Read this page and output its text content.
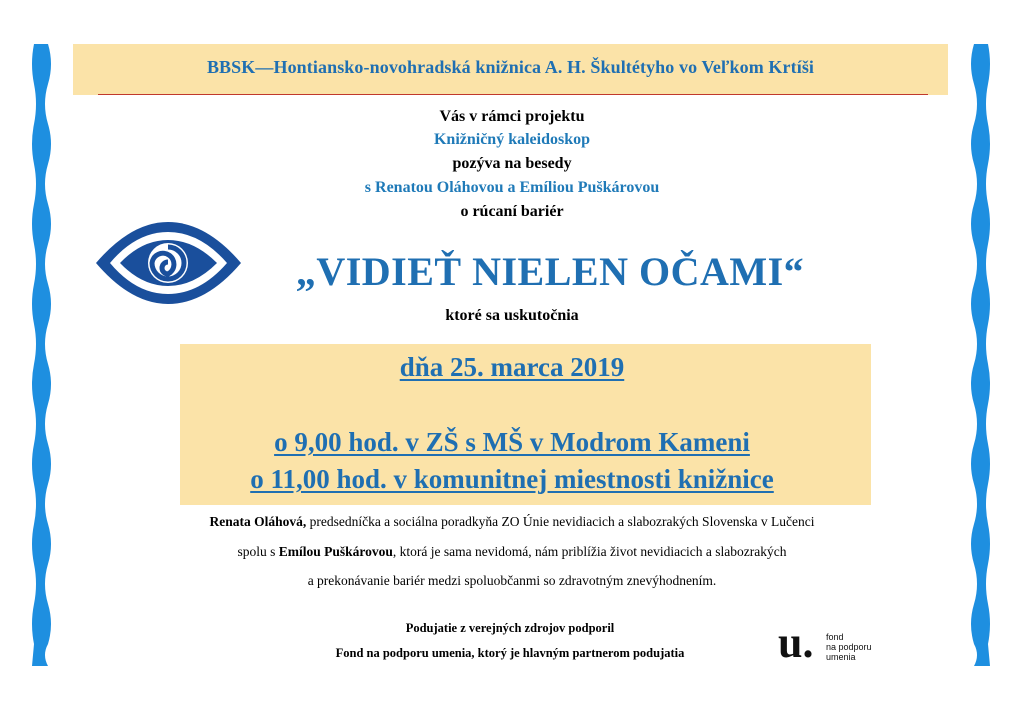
BBSK—Hontiansko-novohradská knižnica A. H. Škultétyho vo Veľkom Krtíši
Vás v rámci projektu
Knižničný kaleidoskop
pozýva na besedy
s Renatou Oláhovou a Emíliou Puškárovou
o rúcaní bariér
„VIDIEŤ NIELEN OČAMI“
ktoré sa uskutočnia
dňa 25. marca 2019
o 9,00 hod. v ZŠ s MŠ v Modrom Kameni
o 11,00 hod. v komunitnej miestnosti knižnice
Renata Oláhová, predsedníčka a sociálna poradkyňa ZO Únie nevidiacich a slabozrakých Slovenska v Lučenci
spolu s Emílou Puškárovou, ktorá je sama nevidomá, nám priblížia život nevidiacich a slabozrakých
a prekonávanie bariér medzi spoluobčanmi so zdravotným znevýhodnením.
Podujatie z verejných zdrojov podporil
Fond na podporu umenia, ktorý je hlavným partnerom podujatia	u. fond
na podporu
umenia
